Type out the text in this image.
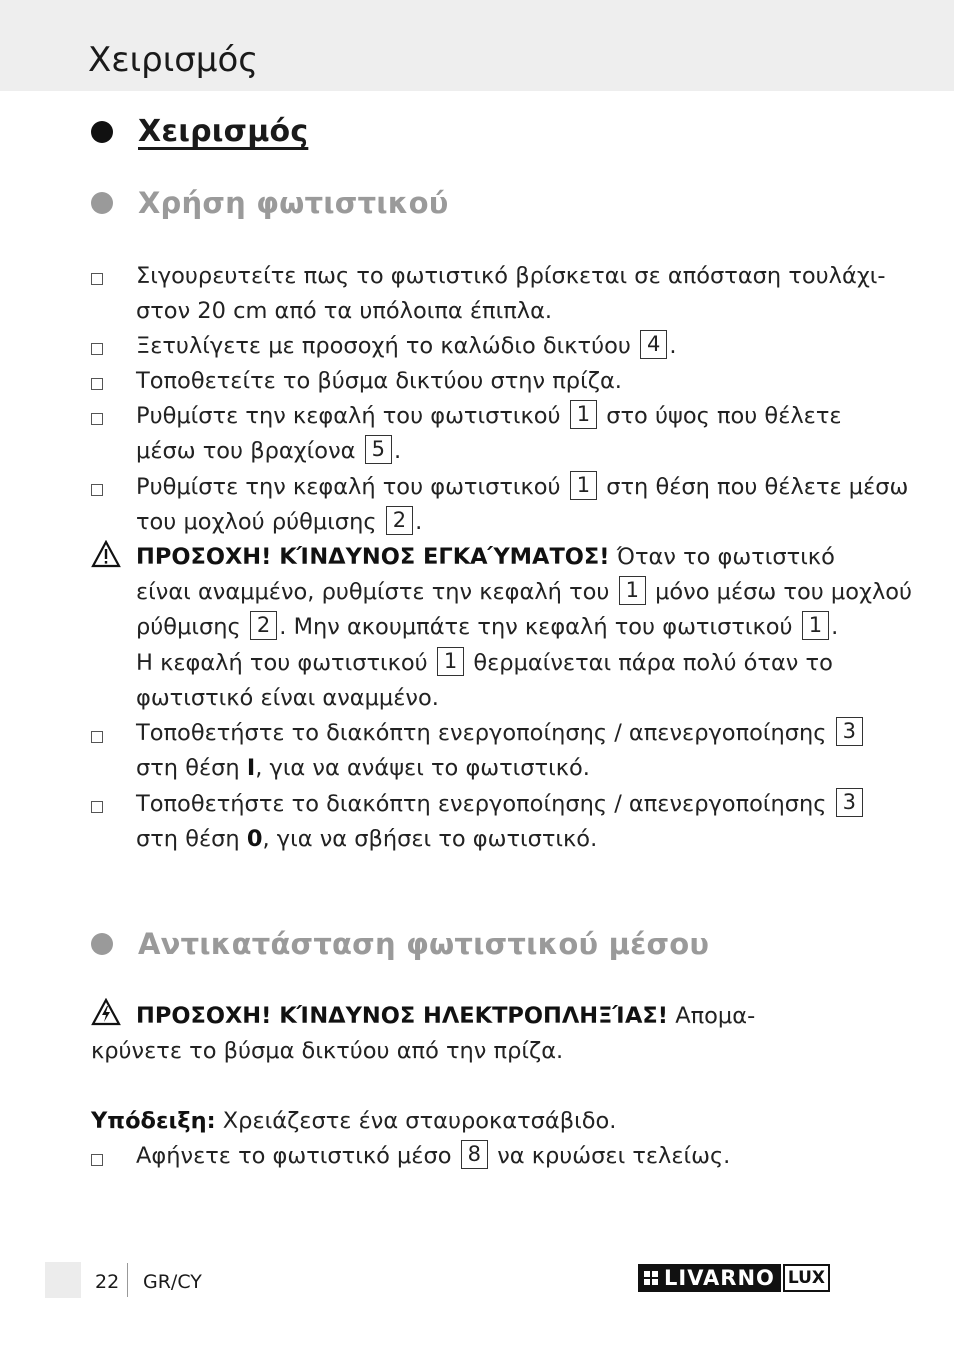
Χειρισμός
Χειρισμός
Χρήση φωτιστικού
Σιγουρευτείτε πως το φωτιστικό βρίσκεται σε απόσταση τουλάχι-
στον 20 cm από τα υπόλοιπα έπιπλα.
Ξετυλίγετε με προσοχή το καλώδιο δικτύου 4 .
Τοποθετείτε το βύσμα δικτύου στην πρίζα.
Ρυθμίστε την κεφαλή του φωτιστικού 1 στο ύψος που θέλετε
μέσω του βραχίονα 5 .
Ρυθμίστε την κεφαλή του φωτιστικού 1 στη θέση που θέλετε μέσω
του μοχλού ρύθμισης 2 .
ΠΡΟΣΟΧΗ! ΚΊΝΔΥΝΟΣ ΕΓΚΑΎΜΑΤΟΣ! Όταν το φωτιστικό
είναι αναμμένο, ρυθμίστε την κεφαλή του 1 μόνο μέσω του μοχλού
ρύθμισης 2 . Μην ακουμπάτε την κεφαλή του φωτιστικού 1 .
Η κεφαλή του φωτιστικού 1 θερμαίνεται πάρα πολύ όταν το
φωτιστικό είναι αναμμένο.
Τοποθετήστε το διακόπτη ενεργοποίησης / απενεργοποίησης 3
στη θέση I, για να ανάψει το φωτιστικό.
Τοποθετήστε το διακόπτη ενεργοποίησης / απενεργοποίησης 3
στη θέση 0, για να σβήσει το φωτιστικό.
Αντικατάσταση φωτιστικού μέσου
ΠΡΟΣΟΧΗ! ΚΊΝΔΥΝΟΣ ΗΛΕΚΤΡΟΠΛΗΞΊΑΣ! Απομα-
κρύνετε το βύσμα δικτύου από την πρίζα.
Υπόδειξη: Χρειάζεστε ένα σταυροκατσάβιδο.
Αφήνετε το φωτιστικό μέσο 8 να κρυώσει τελείως.
22 GR/CY	LIVARNO LUX
